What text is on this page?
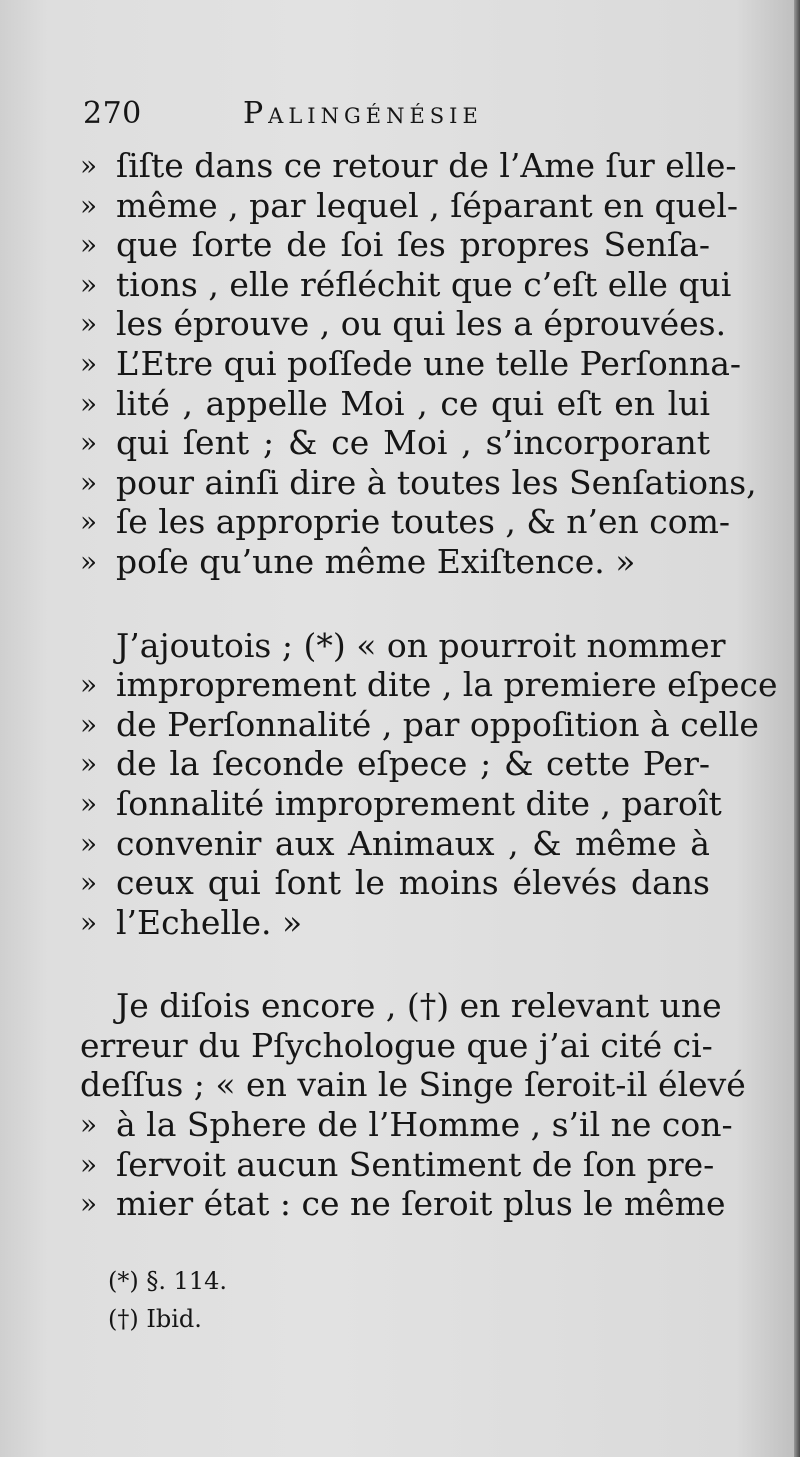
270	Palingénésie
» ſiſte dans ce retour de l’Ame ſur elle-
» même , par lequel , ſéparant en quel-
» que ſorte de ſoi ſes propres Senſa-
» tions , elle réfléchit que c’eſt elle qui
» les éprouve , ou qui les a éprouvées.
» L’Etre qui poſſede une telle Perſonna-
» lité , appelle Moi , ce qui eſt en lui
» qui ſent ; & ce Moi , s’incorporant
» pour ainſi dire à toutes les Senſations,
» ſe les approprie toutes , & n’en com-
» poſe qu’une même Exiſtence. »
J’ajoutois ; (*) « on pourroit nommer
» improprement dite , la premiere eſpece
» de Perſonnalité , par oppoſition à celle
» de la ſeconde eſpece ; & cette Per-
» ſonnalité improprement dite , paroît
» convenir aux Animaux , & même à
» ceux qui ſont le moins élevés dans
» l’Echelle. »
Je diſois encore , (†) en relevant une
erreur du Pſychologue que j’ai cité ci-
deſſus ; « en vain le Singe ſeroit-il élevé
» à la Sphere de l’Homme , s’il ne con-
» ſervoit aucun Sentiment de ſon pre-
» mier état : ce ne ſeroit plus le même
(*) §. 114.
(†) Ibid.
